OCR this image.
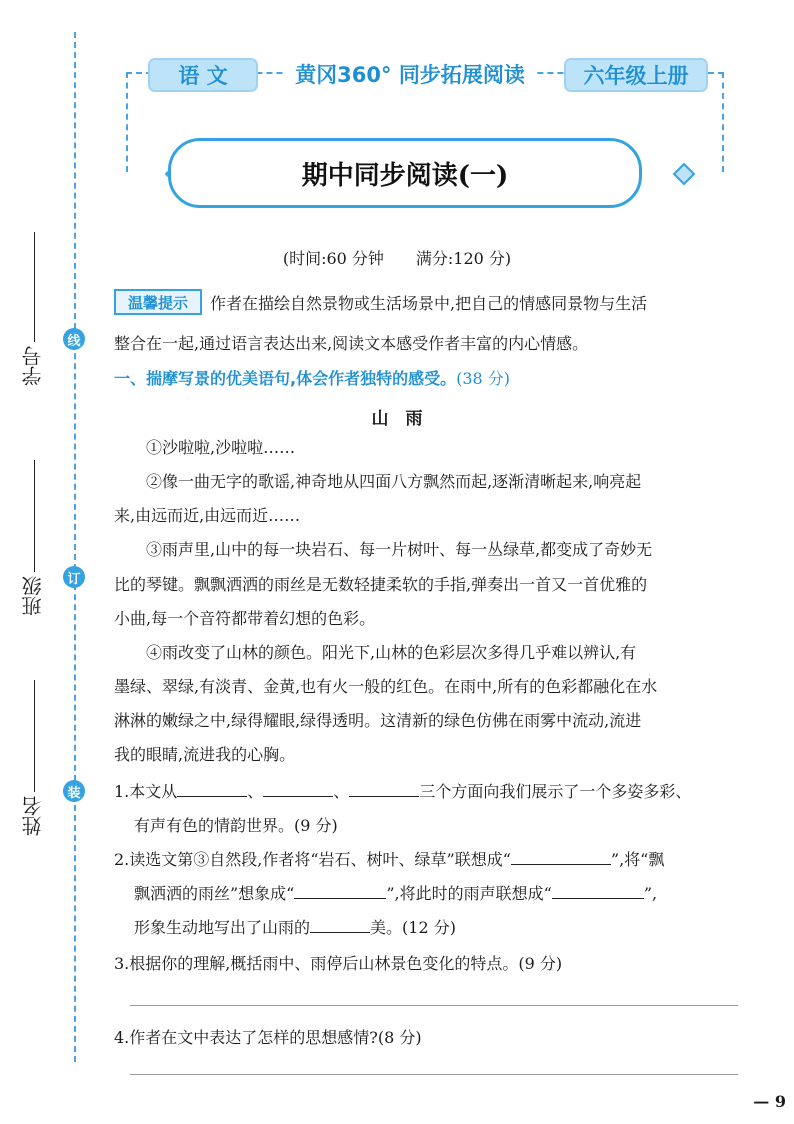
线
订
装
学号
班级
姓名
语 文	黄冈360° 同步拓展阅读	六年级上册
期中同步阅读(一)
(时间:60 分钟　　满分:120 分)
温馨提示	作者在描绘自然景物或生活场景中,把自己的情感同景物与生活
整合在一起,通过语言表达出来,阅读文本感受作者丰富的内心情感。
一、揣摩写景的优美语句,体会作者独特的感受。(38 分)
山　雨
①沙啦啦,沙啦啦……
②像一曲无字的歌谣,神奇地从四面八方飘然而起,逐渐清晰起来,响亮起
来,由远而近,由远而近……
③雨声里,山中的每一块岩石、每一片树叶、每一丛绿草,都变成了奇妙无
比的琴键。飘飘洒洒的雨丝是无数轻捷柔软的手指,弹奏出一首又一首优雅的
小曲,每一个音符都带着幻想的色彩。
④雨改变了山林的颜色。阳光下,山林的色彩层次多得几乎难以辨认,有
墨绿、翠绿,有淡青、金黄,也有火一般的红色。在雨中,所有的色彩都融化在水
淋淋的嫩绿之中,绿得耀眼,绿得透明。这清新的绿色仿佛在雨雾中流动,流进
我的眼睛,流进我的心胸。
1.本文从	、	、	三个方面向我们展示了一个多姿多彩、
有声有色的情韵世界。(9 分)
2.读选文第③自然段,作者将“岩石、树叶、绿草”联想成“	”,将“飘
飘洒洒的雨丝”想象成“	”,将此时的雨声联想成“	”,
形象生动地写出了山雨的	美。(12 分)
3.根据你的理解,概括雨中、雨停后山林景色变化的特点。(9 分)
4.作者在文中表达了怎样的思想感情?(8 分)
— 9
